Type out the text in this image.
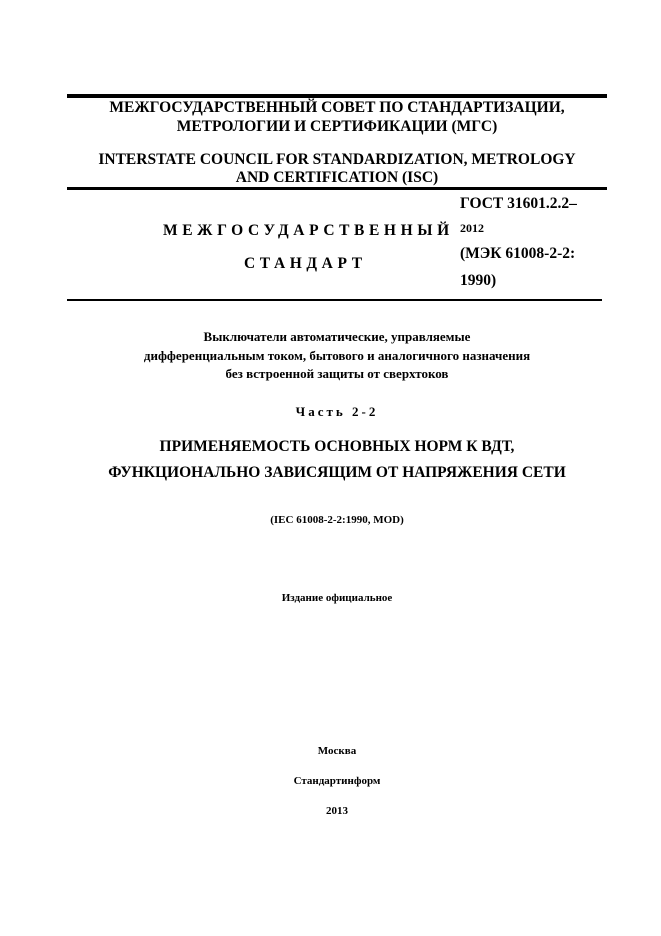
МЕЖГОСУДАРСТВЕННЫЙ СОВЕТ ПО СТАНДАРТИЗАЦИИ,
МЕТРОЛОГИИ И СЕРТИФИКАЦИИ (МГС)
INTERSTATE COUNCIL FOR STANDARDIZATION, METROLOGY
AND CERTIFICATION (ISC)
МЕЖГОСУДАРСТВЕННЫЙ
СТАНДАРТ
ГОСТ 31601.2.2–
2012
(МЭК 61008-2-2:
1990)
Выключатели автоматические, управляемые
дифференциальным током, бытового и аналогичного назначения
без встроенной защиты от сверхтоков
Часть 2-2
ПРИМЕНЯЕМОСТЬ ОСНОВНЫХ НОРМ К ВДТ,
ФУНКЦИОНАЛЬНО ЗАВИСЯЩИМ ОТ НАПРЯЖЕНИЯ СЕТИ
(IEC 61008-2-2:1990, MOD)
Издание официальное
Москва
Стандартинформ
2013
